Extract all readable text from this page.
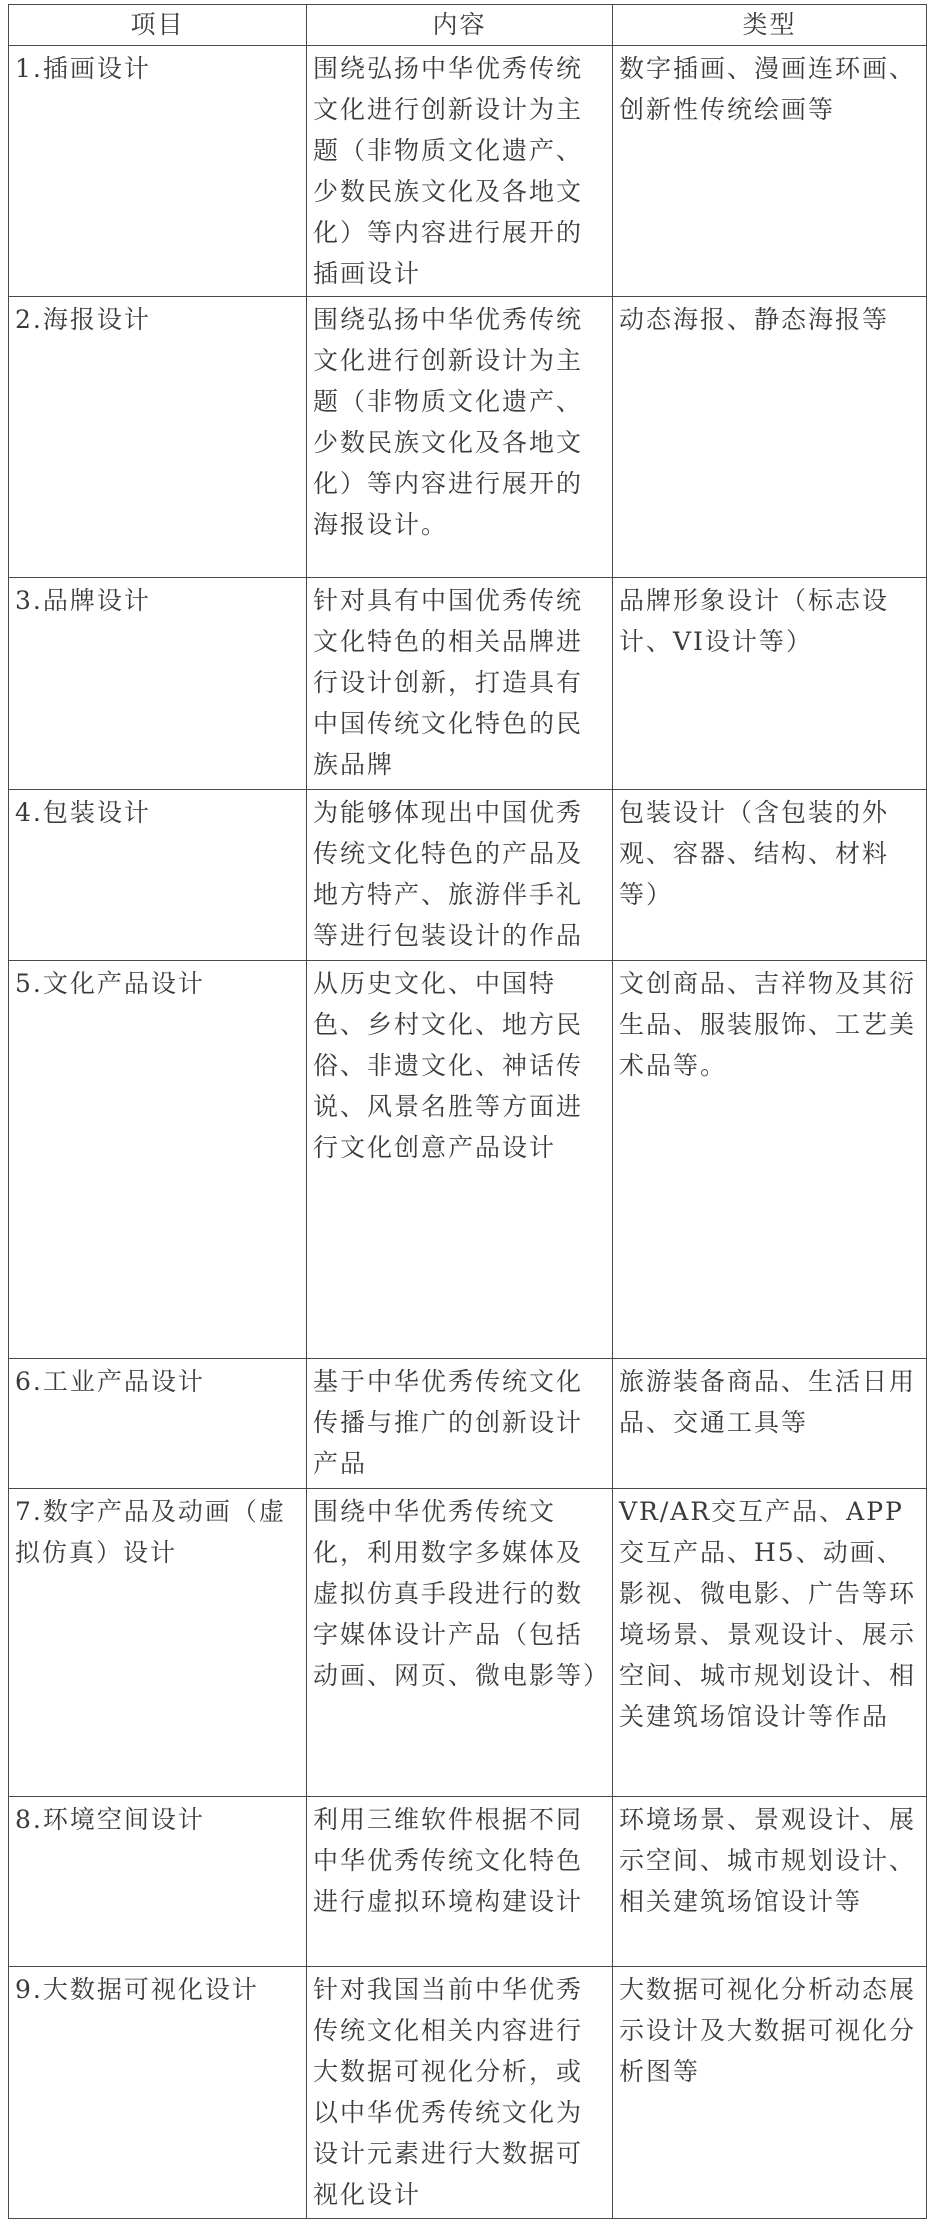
项目	内容	类型
1.插画设计	围绕弘扬中华优秀传统文化进行创新设计为主题（非物质文化遗产、少数民族文化及各地文化）等内容进行展开的插画设计	数字插画、漫画连环画、创新性传统绘画等
2.海报设计	围绕弘扬中华优秀传统文化进行创新设计为主题（非物质文化遗产、少数民族文化及各地文化）等内容进行展开的海报设计。	动态海报、静态海报等
3.品牌设计	针对具有中国优秀传统文化特色的相关品牌进行设计创新，打造具有中国传统文化特色的民族品牌	品牌形象设计（标志设计、VI设计等）
4.包装设计	为能够体现出中国优秀传统文化特色的产品及地方特产、旅游伴手礼等进行包装设计的作品	包装设计（含包装的外观、容器、结构、材料等）
5.文化产品设计	从历史文化、中国特色、乡村文化、地方民俗、非遗文化、神话传说、风景名胜等方面进行文化创意产品设计	文创商品、吉祥物及其衍生品、服装服饰、工艺美术品等。
6.工业产品设计	基于中华优秀传统文化传播与推广的创新设计产品	旅游装备商品、生活日用品、交通工具等
7.数字产品及动画（虚拟仿真）设计	围绕中华优秀传统文化，利用数字多媒体及虚拟仿真手段进行的数字媒体设计产品（包括动画、网页、微电影等）	VR/AR交互产品、APP交互产品、H5、动画、影视、微电影、广告等环境场景、景观设计、展示空间、城市规划设计、相关建筑场馆设计等作品
8.环境空间设计	利用三维软件根据不同中华优秀传统文化特色进行虚拟环境构建设计	环境场景、景观设计、展示空间、城市规划设计、相关建筑场馆设计等
9.大数据可视化设计	针对我国当前中华优秀传统文化相关内容进行大数据可视化分析，或以中华优秀传统文化为设计元素进行大数据可视化设计	大数据可视化分析动态展示设计及大数据可视化分析图等
